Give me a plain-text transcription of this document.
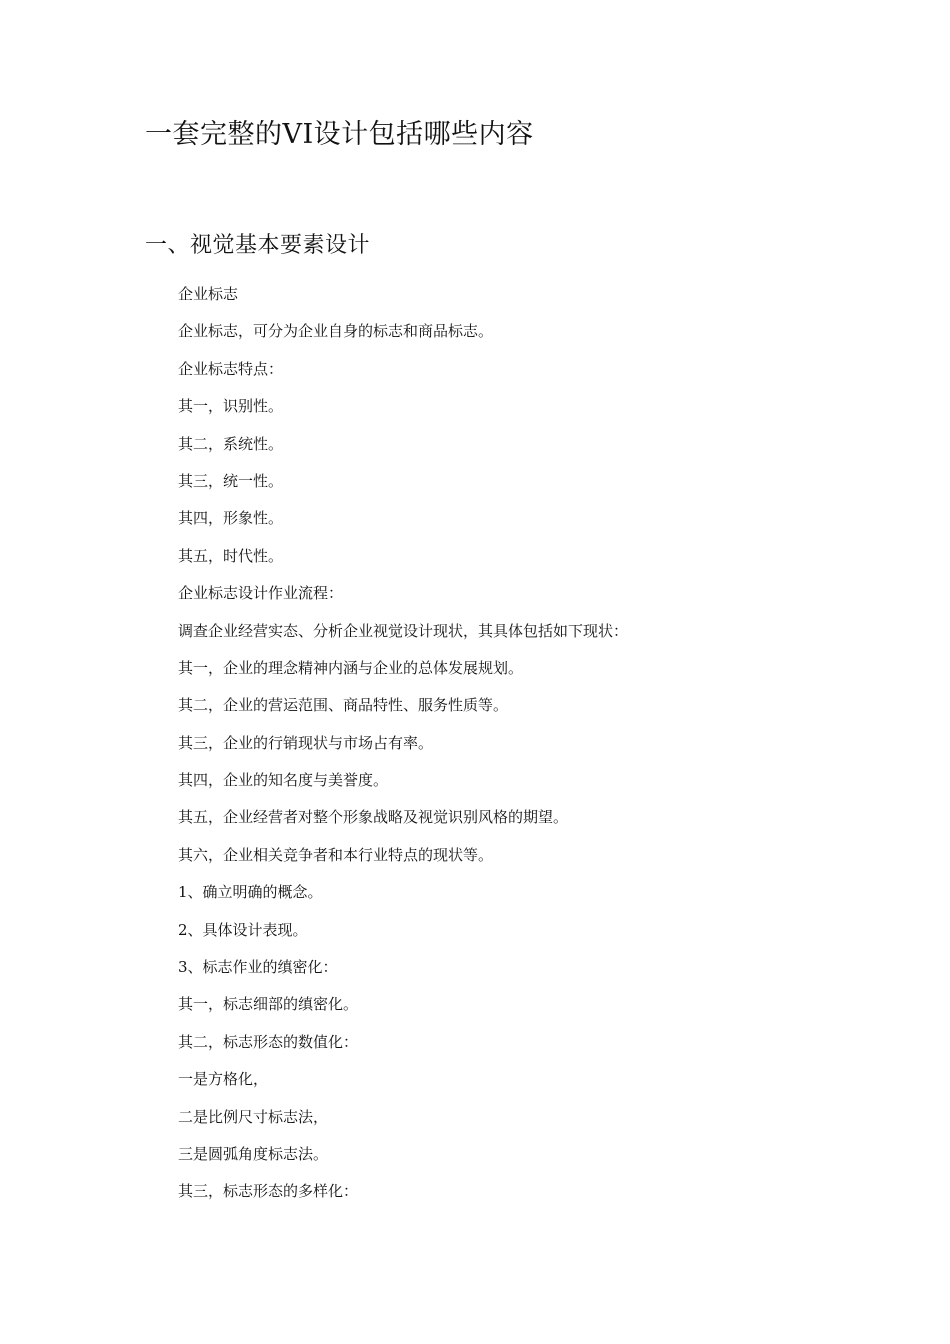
一套完整的VI设计包括哪些内容
一、视觉基本要素设计
企业标志
企业标志，可分为企业自身的标志和商品标志。
企业标志特点：
其一，识别性。
其二，系统性。
其三，统一性。
其四，形象性。
其五，时代性。
企业标志设计作业流程：
调查企业经营实态、分析企业视觉设计现状，其具体包括如下现状：
其一，企业的理念精神内涵与企业的总体发展规划。
其二，企业的营运范围、商品特性、服务性质等。
其三，企业的行销现状与市场占有率。
其四，企业的知名度与美誉度。
其五，企业经营者对整个形象战略及视觉识别风格的期望。
其六，企业相关竞争者和本行业特点的现状等。
1、确立明确的概念。
2、具体设计表现。
3、标志作业的缜密化：
其一，标志细部的缜密化。
其二，标志形态的数值化：
一是方格化，
二是比例尺寸标志法，
三是圆弧角度标志法。
其三，标志形态的多样化：
